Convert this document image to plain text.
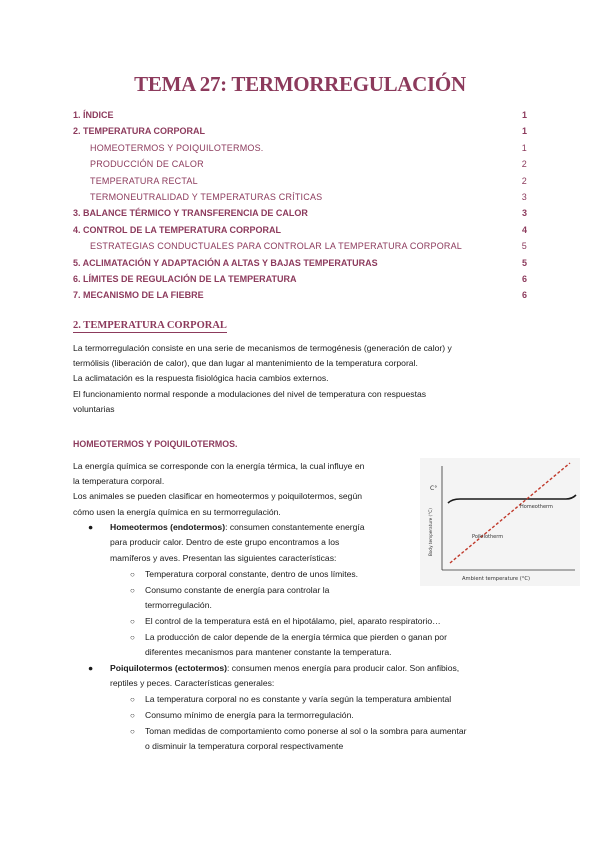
TEMA 27: TERMORREGULACIÓN
1. ÍNDICE	1
2. TEMPERATURA CORPORAL	1
HOMEOTERMOS Y POIQUILOTERMOS.	1
PRODUCCIÓN DE CALOR	2
TEMPERATURA RECTAL	2
TERMONEUTRALIDAD Y TEMPERATURAS CRÍTICAS	3
3. BALANCE TÉRMICO Y TRANSFERENCIA DE CALOR	3
4. CONTROL DE LA TEMPERATURA CORPORAL	4
ESTRATEGIAS CONDUCTUALES PARA CONTROLAR LA TEMPERATURA CORPORAL	5
5. ACLIMATACIÓN Y ADAPTACIÓN A ALTAS Y BAJAS TEMPERATURAS	5
6. LÍMITES DE REGULACIÓN DE LA TEMPERATURA	6
7. MECANISMO DE LA FIEBRE	6
2. TEMPERATURA CORPORAL
La termorregulación consiste en una serie de mecanismos de termogénesis (generación de calor) y
termólisis (liberación de calor), que dan lugar al mantenimiento de la temperatura corporal.
La aclimatación es la respuesta fisiológica hacia cambios externos.
El funcionamiento normal responde a modulaciones del nivel de temperatura con respuestas
voluntarias
HOMEOTERMOS Y POIQUILOTERMOS.
La energía química se corresponde con la energía térmica, la cual influye en
la temperatura corporal.
Los animales se pueden clasificar en homeotermos y poiquilotermos, según
cómo usen la energía química en su termorregulación.
● Homeotermos (endotermos): consumen constantemente energía
para producir calor. Dentro de este grupo encontramos a los
mamíferos y aves. Presentan las siguientes características:
○ Temperatura corporal constante, dentro de unos límites.
○ Consumo constante de energía para controlar la
termorregulación.
○ El control de la temperatura está en el hipotálamo, piel, aparato respiratorio…
○ La producción de calor depende de la energía térmica que pierden o ganan por
diferentes mecanismos para mantener constante la temperatura.
● Poiquilotermos (ectotermos): consumen menos energía para producir calor. Son anfibios,
reptiles y peces. Características generales:
○ La temperatura corporal no es constante y varía según la temperatura ambiental
○ Consumo mínimo de energía para la termorregulación.
○ Toman medidas de comportamiento como ponerse al sol o la sombra para aumentar
o disminuir la temperatura corporal respectivamente
C°
Body temperature (°C)
Homeotherm
Poikilotherm
Ambient temperature (°C)
